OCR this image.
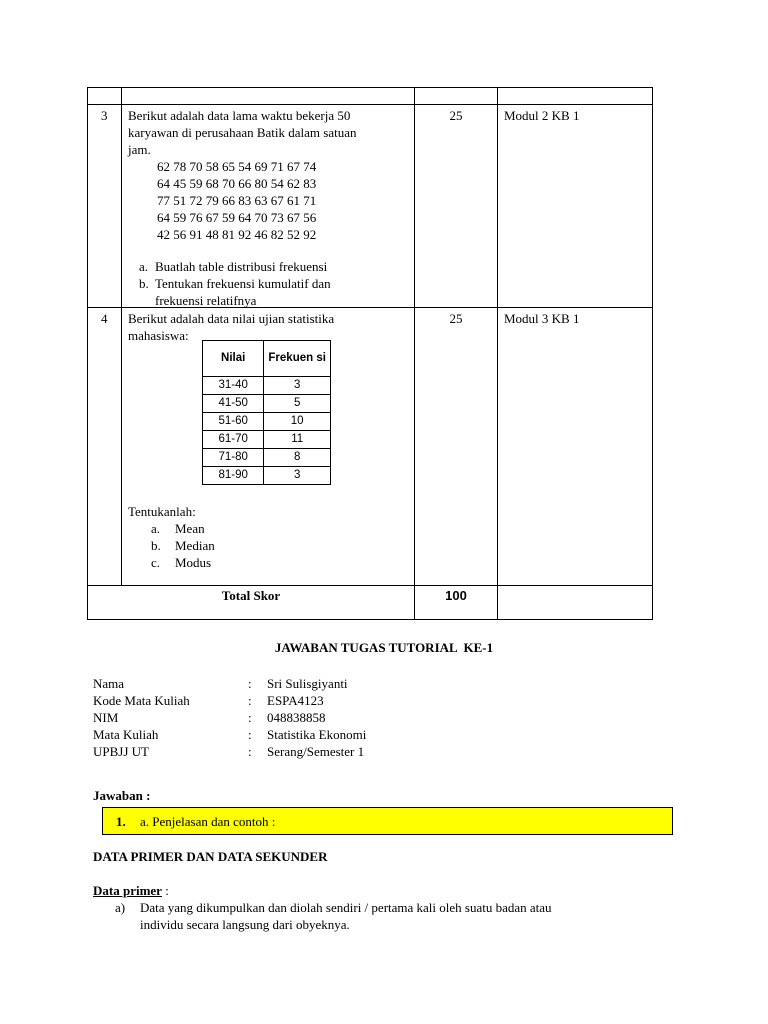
3 Berikut adalah data lama waktu bekerja 50
karyawan di perusahaan Batik dalam satuan
jam.
62 78 70 58 65 54 69 71 67 74
64 45 59 68 70 66 80 54 62 83
77 51 72 79 66 83 63 67 61 71
64 59 76 67 59 64 70 73 67 56
42 56 91 48 81 92 46 82 52 92
a. Buatlah table distribusi frekuensi
b. Tentukan frekuensi kumulatif dan
frekuensi relatifnya
25	Modul 2 KB 1
4 Berikut adalah data nilai ujian statistika
mahasiswa:
Nilai	Frekuen si
31-40	3
41-50	5
51-60	10
61-70	11
71-80	8
81-90	3
Tentukanlah:
a. Mean
b. Median
c. Modus
25	Modul 3 KB 1
Total Skor	100
JAWABAN TUGAS TUTORIAL  KE-1
Nama	: Sri Sulisgiyanti
Kode Mata Kuliah	: ESPA4123
NIM	: 048838858
Mata Kuliah	: Statistika Ekonomi
UPBJJ UT	: Serang/Semester 1
Jawaban :
1. a. Penjelasan dan contoh :
DATA PRIMER DAN DATA SEKUNDER
Data primer :
a) Data yang dikumpulkan dan diolah sendiri / pertama kali oleh suatu badan atau
individu secara langsung dari obyeknya.
